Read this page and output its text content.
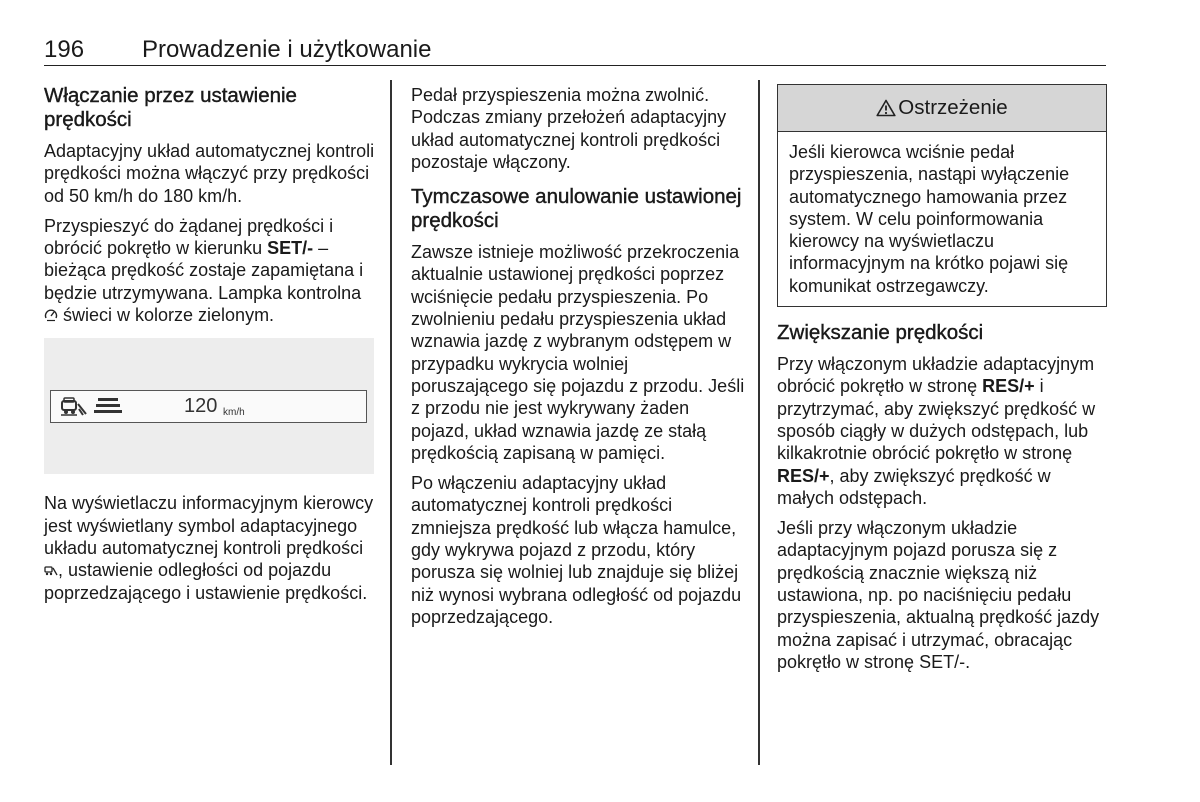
196 Prowadzenie i użytkowanie
Włączanie przez ustawienie prędkości

Adaptacyjny układ automatycznej kontroli prędkości można włączyć przy prędkości od 50 km/h do 180 km/h.

Przyspieszyć do żądanej prędkości i obrócić pokrętło w kierunku SET/- – bieżąca prędkość zostaje zapamiętana i będzie utrzymywana. Lampka kontrolna  świeci w kolorze zielonym.

120 km/h

Na wyświetlaczu informacyjnym kierowcy jest wyświetlany symbol adaptacyjnego układu automatycznej kontroli prędkości , ustawienie odległości od pojazdu poprzedzającego i ustawienie prędkości.

Pedał przyspieszenia można zwolnić. Podczas zmiany przełożeń adaptacyjny układ automatycznej kontroli prędkości pozostaje włączony.

Tymczasowe anulowanie ustawionej prędkości

Zawsze istnieje możliwość przekroczenia aktualnie ustawionej prędkości poprzez wciśnięcie pedału przyspieszenia. Po zwolnieniu pedału przyspieszenia układ wznawia jazdę z wybranym odstępem w przypadku wykrycia wolniej poruszającego się pojazdu z przodu. Jeśli z przodu nie jest wykrywany żaden pojazd, układ wznawia jazdę ze stałą prędkością zapisaną w pamięci.

Po włączeniu adaptacyjny układ automatycznej kontroli prędkości zmniejsza prędkość lub włącza hamulce, gdy wykrywa pojazd z przodu, który porusza się wolniej lub znajduje się bliżej niż wynosi wybrana odległość od pojazdu poprzedzającego.

Ostrzeżenie
Jeśli kierowca wciśnie pedał przyspieszenia, nastąpi wyłączenie automatycznego hamowania przez system. W celu poinformowania kierowcy na wyświetlaczu informacyjnym na krótko pojawi się komunikat ostrzegawczy.
Zwiększanie prędkości

Przy włączonym układzie adaptacyjnym obrócić pokrętło w stronę RES/+ i przytrzymać, aby zwiększyć prędkość w sposób ciągły w dużych odstępach, lub kilkakrotnie obrócić pokrętło w stronę RES/+, aby zwiększyć prędkość w małych odstępach.

Jeśli przy włączonym układzie adaptacyjnym pojazd porusza się z prędkością znacznie większą niż ustawiona, np. po naciśnięciu pedału przyspieszenia, aktualną prędkość jazdy można zapisać i utrzymać, obracając pokrętło w stronę SET/-.
